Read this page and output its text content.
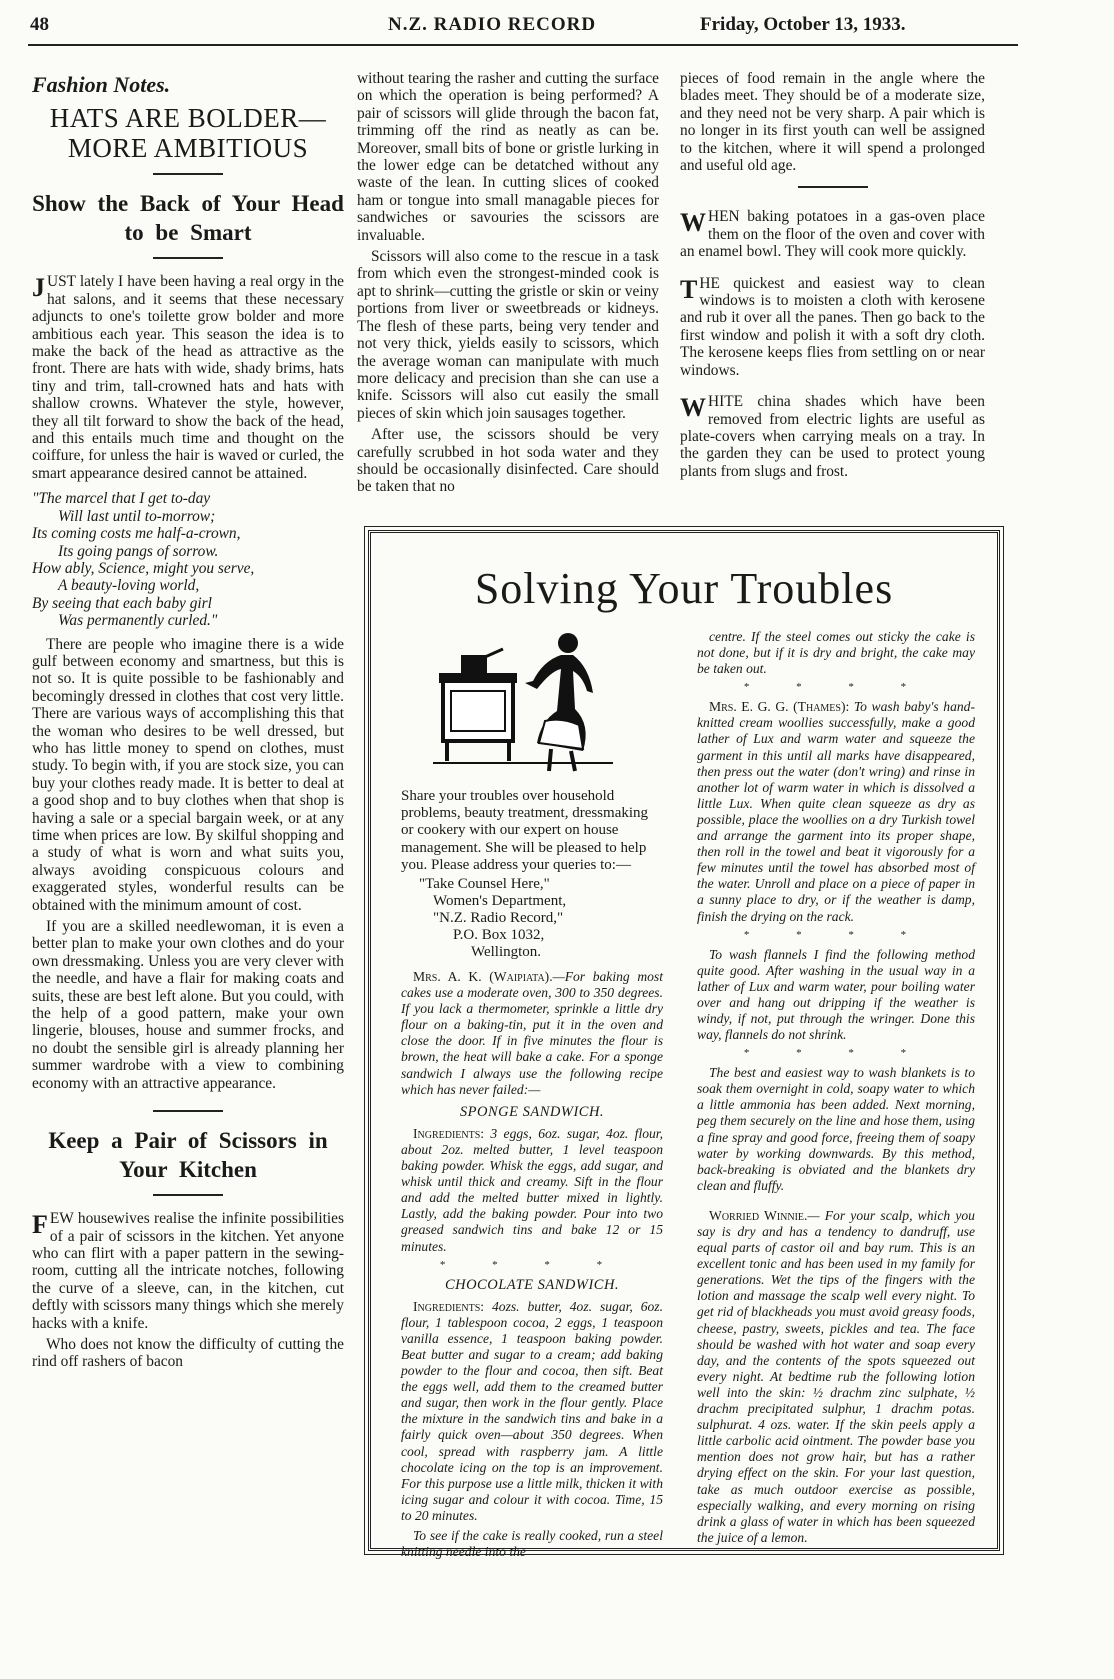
48	N.Z. RADIO RECORD	Friday, October 13, 1933.
Fashion Notes.
HATS ARE BOLDER— MORE AMBITIOUS
Show the Back of Your Head to be Smart

JUST lately I have been having a real orgy in the hat salons, and it seems that these necessary adjuncts to one's toilette grow bolder and more ambitious each year. This season the idea is to make the back of the head as attractive as the front. There are hats with wide, shady brims, hats tiny and trim, tall-crowned hats and hats with shallow crowns. Whatever the style, however, they all tilt forward to show the back of the head, and this entails much time and thought on the coiffure, for unless the hair is waved or curled, the smart appearance desired cannot be attained.

"The marcel that I get to-day
Will last until to-morrow;
Its coming costs me half-a-crown,
Its going pangs of sorrow.
How ably, Science, might you serve,
A beauty-loving world,
By seeing that each baby girl
Was permanently curled."

There are people who imagine there is a wide gulf between economy and smartness, but this is not so. It is quite possible to be fashionably and becomingly dressed in clothes that cost very little. There are various ways of accomplishing this that the woman who desires to be well dressed, but who has little money to spend on clothes, must study. To begin with, if you are stock size, you can buy your clothes ready made. It is better to deal at a good shop and to buy clothes when that shop is having a sale or a special bargain week, or at any time when prices are low. By skilful shopping and a study of what is worn and what suits you, always avoiding conspicuous colours and exaggerated styles, wonderful results can be obtained with the minimum amount of cost.

If you are a skilled needlewoman, it is even a better plan to make your own clothes and do your own dressmaking. Unless you are very clever with the needle, and have a flair for making coats and suits, these are best left alone. But you could, with the help of a good pattern, make your own lingerie, blouses, house and summer frocks, and no doubt the sensible girl is already planning her summer wardrobe with a view to combining economy with an attractive appearance.

Keep a Pair of Scissors in Your Kitchen

FEW housewives realise the infinite possibilities of a pair of scissors in the kitchen. Yet anyone who can flirt with a paper pattern in the sewing-room, cutting all the intricate notches, following the curve of a sleeve, can, in the kitchen, cut deftly with scissors many things which she merely hacks with a knife.

Who does not know the difficulty of cutting the rind off rashers of bacon

without tearing the rasher and cutting the surface on which the operation is being performed? A pair of scissors will glide through the bacon fat, trimming off the rind as neatly as can be. Moreover, small bits of bone or gristle lurking in the lower edge can be detatched without any waste of the lean. In cutting slices of cooked ham or tongue into small managable pieces for sandwiches or savouries the scissors are invaluable.

Scissors will also come to the rescue in a task from which even the strongest-minded cook is apt to shrink—cutting the gristle or skin or veiny portions from liver or sweetbreads or kidneys. The flesh of these parts, being very tender and not very thick, yields easily to scissors, which the average woman can manipulate with much more delicacy and precision than she can use a knife. Scissors will also cut easily the small pieces of skin which join sausages together.

After use, the scissors should be very carefully scrubbed in hot soda water and they should be occasionally disinfected. Care should be taken that no

pieces of food remain in the angle where the blades meet. They should be of a moderate size, and they need not be very sharp. A pair which is no longer in its first youth can well be assigned to the kitchen, where it will spend a prolonged and useful old age.

WHEN baking potatoes in a gas-oven place them on the floor of the oven and cover with an enamel bowl. They will cook more quickly.

THE quickest and easiest way to clean windows is to moisten a cloth with kerosene and rub it over all the panes. Then go back to the first window and polish it with a soft dry cloth. The kerosene keeps flies from settling on or near windows.

WHITE china shades which have been removed from electric lights are useful as plate-covers when carrying meals on a tray. In the garden they can be used to protect young plants from slugs and frost.

Solving Your Troubles
Share your troubles over household problems, beauty treatment, dressmaking or cookery with our expert on house management. She will be pleased to help you. Please address your queries to:—
"Take Counsel Here,"
Women's Department,
"N.Z. Radio Record,"
P.O. Box 1032,
Wellington.

Mrs. A. K. (Waipiata).—For baking most cakes use a moderate oven, 300 to 350 degrees. If you lack a thermometer, sprinkle a little dry flour on a baking-tin, put it in the oven and close the door. If in five minutes the flour is brown, the heat will bake a cake. For a sponge sandwich I always use the following recipe which has never failed:—

SPONGE SANDWICH.

Ingredients: 3 eggs, 6oz. sugar, 4oz. flour, about 2oz. melted butter, 1 level teaspoon baking powder. Whisk the eggs, add sugar, and whisk until thick and creamy. Sift in the flour and add the melted butter mixed in lightly. Lastly, add the baking powder. Pour into two greased sandwich tins and bake 12 or 15 minutes.

* * * *
CHOCOLATE SANDWICH.

Ingredients: 4ozs. butter, 4oz. sugar, 6oz. flour, 1 tablespoon cocoa, 2 eggs, 1 teaspoon vanilla essence, 1 teaspoon baking powder. Beat butter and sugar to a cream; add baking powder to the flour and cocoa, then sift. Beat the eggs well, add them to the creamed butter and sugar, then work in the flour gently. Place the mixture in the sandwich tins and bake in a fairly quick oven—about 350 degrees. When cool, spread with raspberry jam. A little chocolate icing on the top is an improvement. For this purpose use a little milk, thicken it with icing sugar and colour it with cocoa. Time, 15 to 20 minutes.

To see if the cake is really cooked, run a steel knitting needle into the

centre. If the steel comes out sticky the cake is not done, but if it is dry and bright, the cake may be taken out.

* * * *

Mrs. E. G. G. (Thames): To wash baby's hand-knitted cream woollies successfully, make a good lather of Lux and warm water and squeeze the garment in this until all marks have disappeared, then press out the water (don't wring) and rinse in another lot of warm water in which is dissolved a little Lux. When quite clean squeeze as dry as possible, place the woollies on a dry Turkish towel and arrange the garment into its proper shape, then roll in the towel and beat it vigorously for a few minutes until the towel has absorbed most of the water. Unroll and place on a piece of paper in a sunny place to dry, or if the weather is damp, finish the drying on the rack.

* * * *

To wash flannels I find the following method quite good. After washing in the usual way in a lather of Lux and warm water, pour boiling water over and hang out dripping if the weather is windy, if not, put through the wringer. Done this way, flannels do not shrink.

* * * *

The best and easiest way to wash blankets is to soak them overnight in cold, soapy water to which a little ammonia has been added. Next morning, peg them securely on the line and hose them, using a fine spray and good force, freeing them of soapy water by working downwards. By this method, back-breaking is obviated and the blankets dry clean and fluffy.

Worried Winnie.— For your scalp, which you say is dry and has a tendency to dandruff, use equal parts of castor oil and bay rum. This is an excellent tonic and has been used in my family for generations. Wet the tips of the fingers with the lotion and massage the scalp well every night. To get rid of blackheads you must avoid greasy foods, cheese, pastry, sweets, pickles and tea. The face should be washed with hot water and soap every day, and the contents of the spots squeezed out every night. At bedtime rub the following lotion well into the skin: ½ drachm zinc sulphate, ½ drachm precipitated sulphur, 1 drachm potas. sulphurat. 4 ozs. water. If the skin peels apply a little carbolic acid ointment. The powder base you mention does not grow hair, but has a rather drying effect on the skin. For your last question, take as much outdoor exercise as possible, especially walking, and every morning on rising drink a glass of water in which has been squeezed the juice of a lemon.
